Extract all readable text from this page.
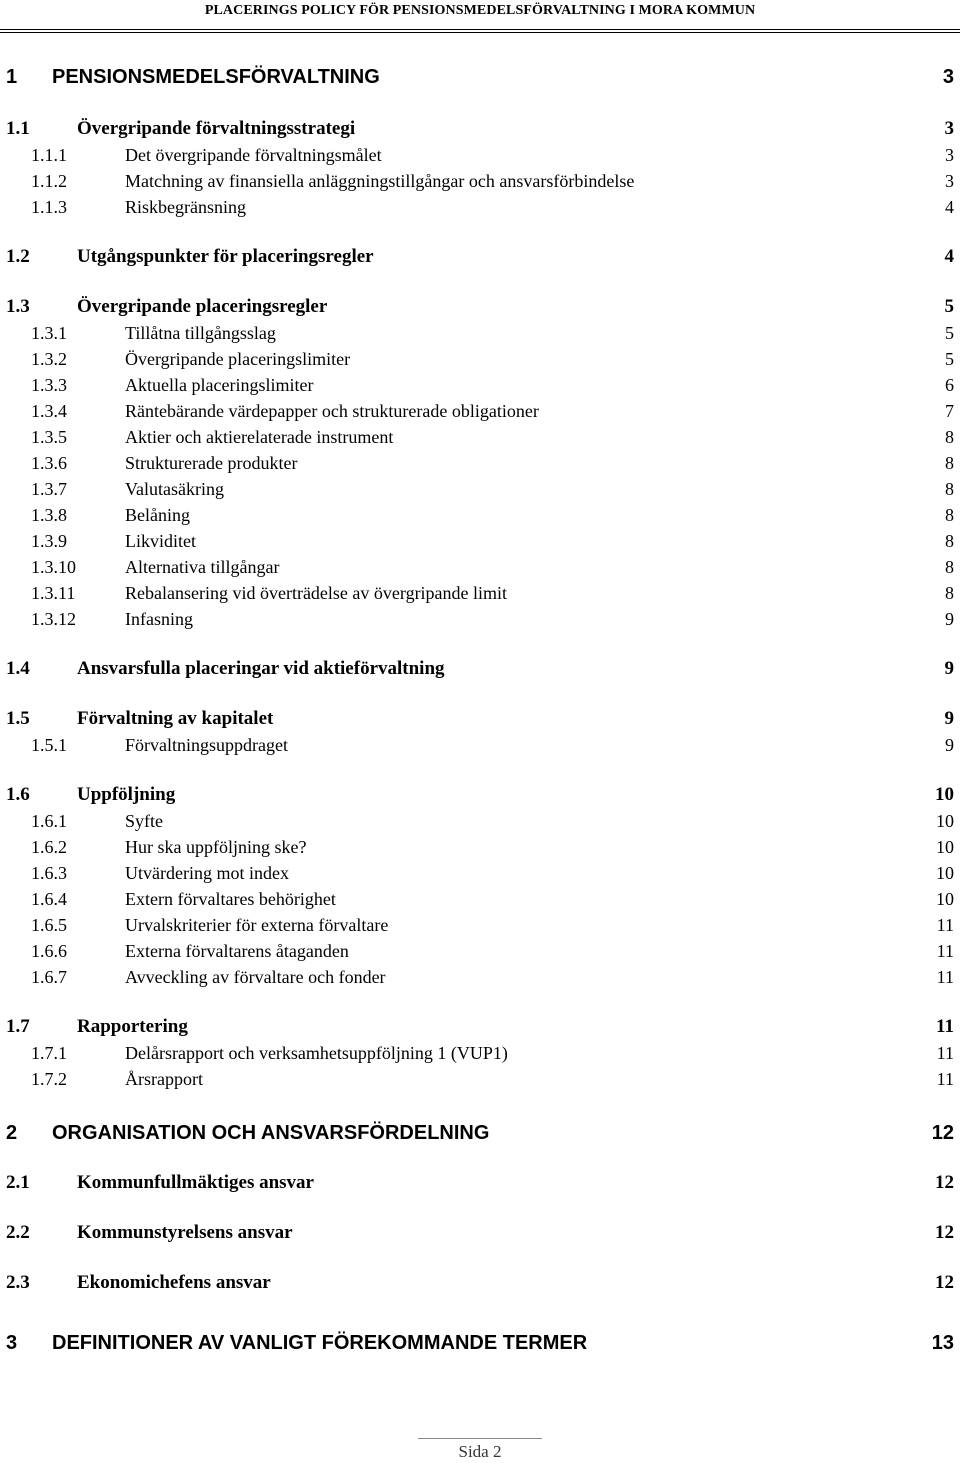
PLACERINGS POLICY FÖR PENSIONSMEDELSFÖRVALTNING I MORA KOMMUN
1	PENSIONSMEDELSFÖRVALTNING	3
1.1	Övergripande förvaltningsstrategi	3
1.1.1	Det övergripande förvaltningsmålet	3
1.1.2	Matchning av finansiella anläggningstillgångar och ansvarsförbindelse	3
1.1.3	Riskbegränsning	4
1.2	Utgångspunkter för placeringsregler	4
1.3	Övergripande placeringsregler	5
1.3.1	Tillåtna tillgångsslag	5
1.3.2	Övergripande placeringslimiter	5
1.3.3	Aktuella placeringslimiter	6
1.3.4	Räntebärande värdepapper och strukturerade obligationer	7
1.3.5	Aktier och aktierelaterade instrument	8
1.3.6	Strukturerade produkter	8
1.3.7	Valutasäkring	8
1.3.8	Belåning	8
1.3.9	Likviditet	8
1.3.10	Alternativa tillgångar	8
1.3.11	Rebalansering vid överträdelse av övergripande limit	8
1.3.12	Infasning	9
1.4	Ansvarsfulla placeringar vid aktieförvaltning	9
1.5	Förvaltning av kapitalet	9
1.5.1	Förvaltningsuppdraget	9
1.6	Uppföljning	10
1.6.1	Syfte	10
1.6.2	Hur ska uppföljning ske?	10
1.6.3	Utvärdering mot index	10
1.6.4	Extern förvaltares behörighet	10
1.6.5	Urvalskriterier för externa förvaltare	11
1.6.6	Externa förvaltarens åtaganden	11
1.6.7	Avveckling av förvaltare och fonder	11
1.7	Rapportering	11
1.7.1	Delårsrapport och verksamhetsuppföljning 1 (VUP1)	11
1.7.2	Årsrapport	11
2	ORGANISATION OCH ANSVARSFÖRDELNING	12
2.1	Kommunfullmäktiges ansvar	12
2.2	Kommunstyrelsens ansvar	12
2.3	Ekonomichefens ansvar	12
3	DEFINITIONER AV VANLIGT FÖREKOMMANDE TERMER	13
Sida 2
